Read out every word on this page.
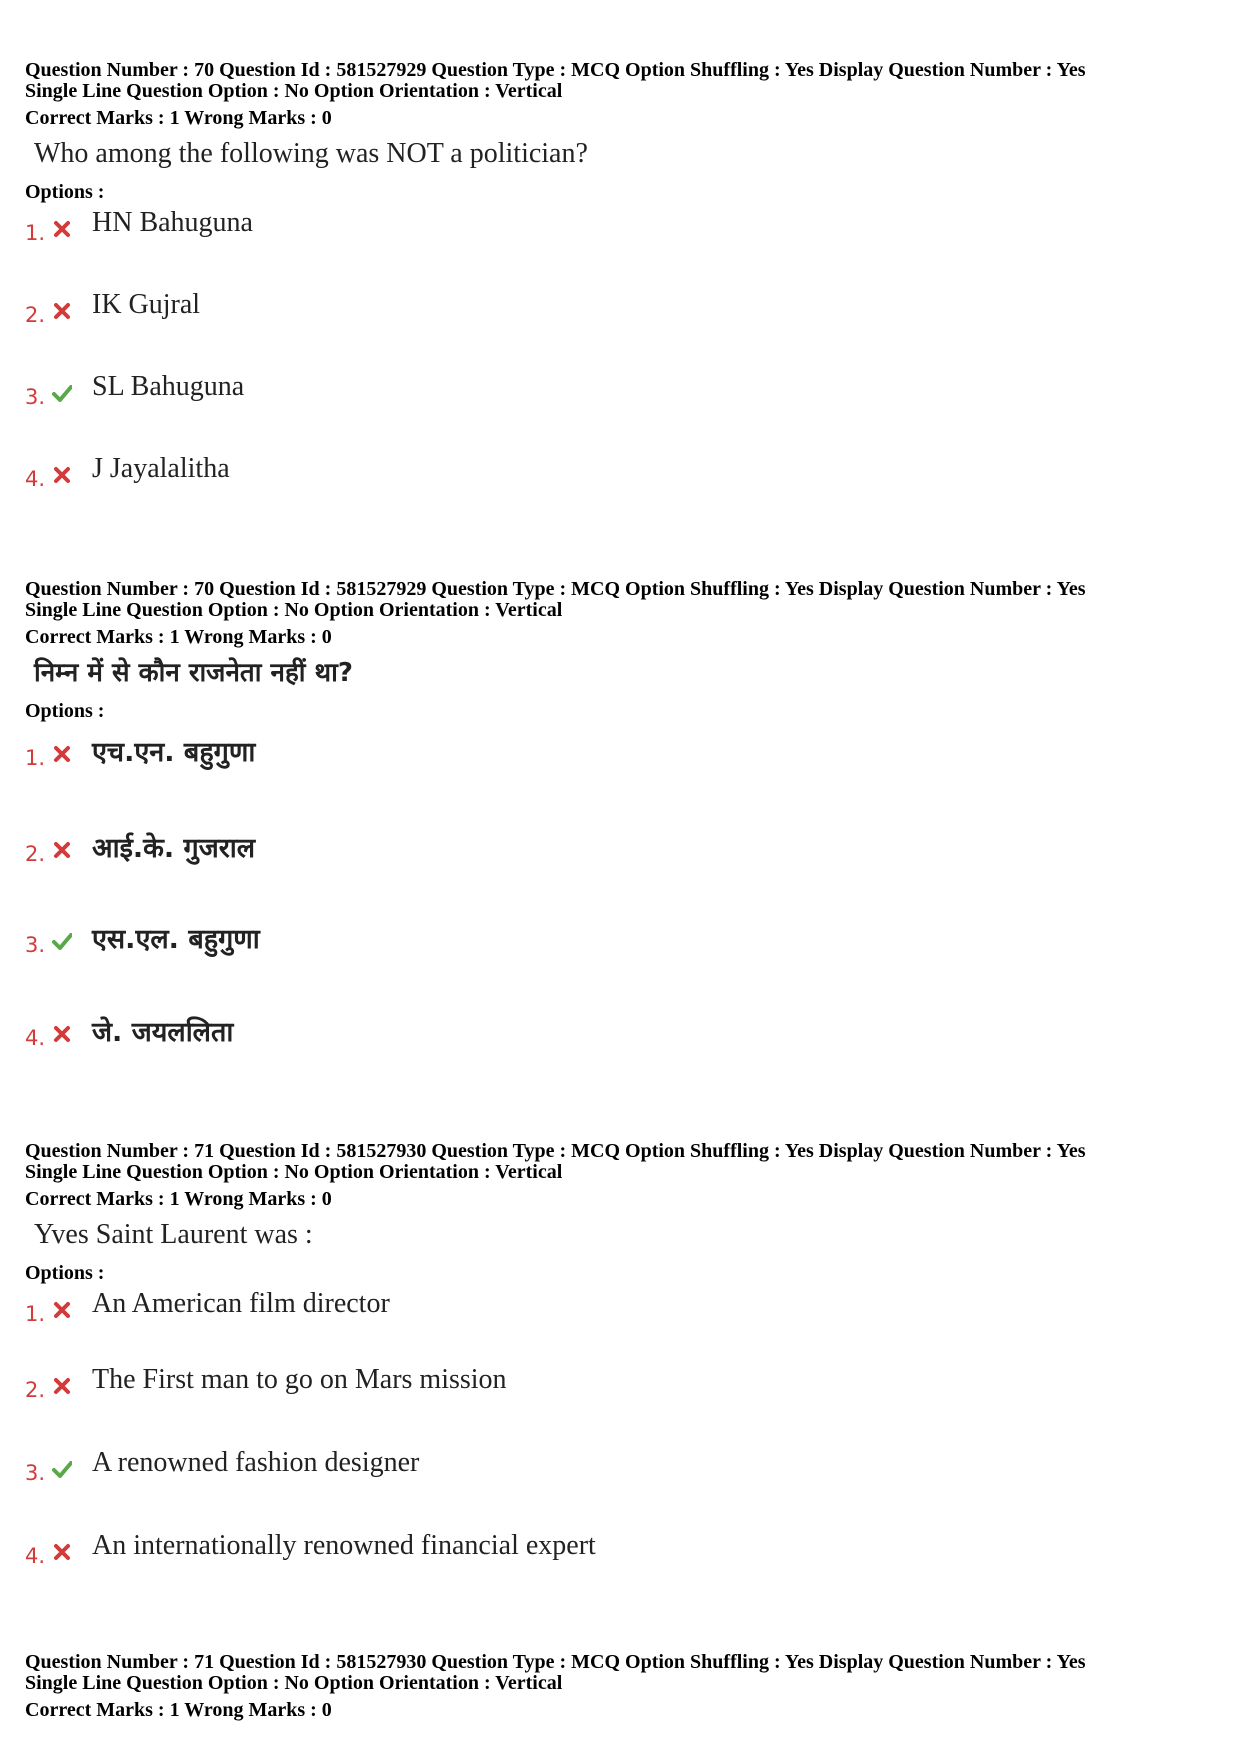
Question Number : 70 Question Id : 581527929 Question Type : MCQ Option Shuffling : Yes Display Question Number : Yes

Single Line Question Option : No Option Orientation : Vertical

Correct Marks : 1 Wrong Marks : 0

Who among the following was NOT a politician?
Options :
1. HN Bahuguna
2. IK Gujral
3. SL Bahuguna
4. J Jayalalitha

Question Number : 70 Question Id : 581527929 Question Type : MCQ Option Shuffling : Yes Display Question Number : Yes

Single Line Question Option : No Option Orientation : Vertical

Correct Marks : 1 Wrong Marks : 0

निम्न में से कौन राजनेता नहीं था?
Options :
1. एच.एन. बहुगुणा
2. आई.के. गुजराल
3. एस.एल. बहुगुणा
4. जे. जयललिता

Question Number : 71 Question Id : 581527930 Question Type : MCQ Option Shuffling : Yes Display Question Number : Yes

Single Line Question Option : No Option Orientation : Vertical

Correct Marks : 1 Wrong Marks : 0

Yves Saint Laurent was :
Options :
1. An American film director
2. The First man to go on Mars mission
3. A renowned fashion designer
4. An internationally renowned financial expert

Question Number : 71 Question Id : 581527930 Question Type : MCQ Option Shuffling : Yes Display Question Number : Yes

Single Line Question Option : No Option Orientation : Vertical

Correct Marks : 1 Wrong Marks : 0
